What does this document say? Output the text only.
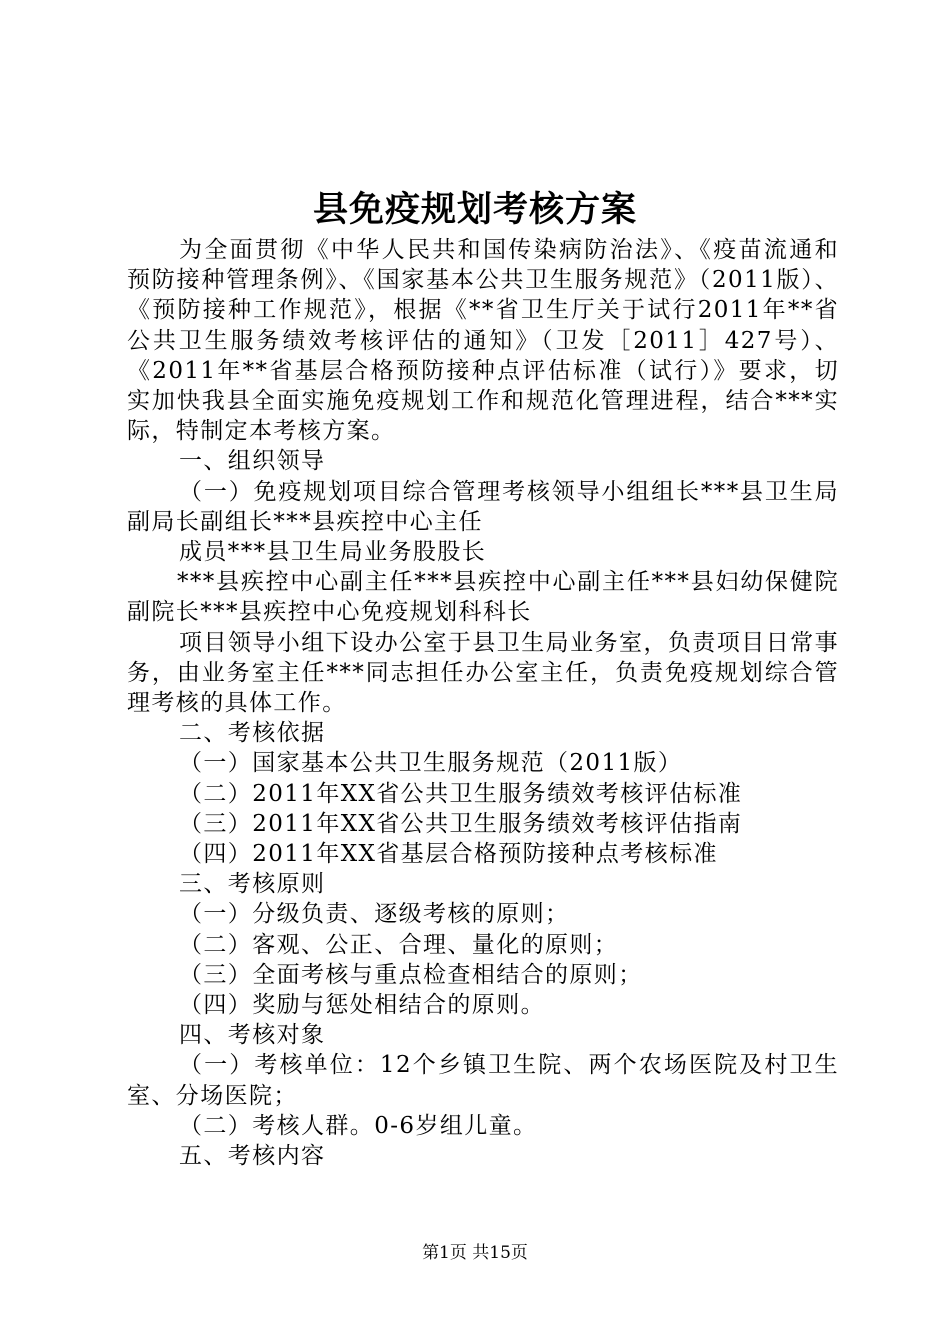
县免疫规划考核方案

为全面贯彻《中华人民共和国传染病防治法》、《疫苗流通和预防接种管理条例》、《国家基本公共卫生服务规范》（2011版）、《预防接种工作规范》，根据《**省卫生厅关于试行2011年**省公共卫生服务绩效考核评估的通知》（卫发［2011］427号）、《2011年**省基层合格预防接种点评估标准（试行）》要求，切实加快我县全面实施免疫规划工作和规范化管理进程，结合***实际，特制定本考核方案。

一、组织领导

（一）免疫规划项目综合管理考核领导小组组长***县卫生局副局长副组长***县疾控中心主任

成员***县卫生局业务股股长

***县疾控中心副主任***县疾控中心副主任***县妇幼保健院副院长***县疾控中心免疫规划科科长

项目领导小组下设办公室于县卫生局业务室，负责项目日常事务，由业务室主任***同志担任办公室主任，负责免疫规划综合管理考核的具体工作。

二、考核依据

（一）国家基本公共卫生服务规范（2011版）

（二）2011年XX省公共卫生服务绩效考核评估标准

（三）2011年XX省公共卫生服务绩效考核评估指南

（四）2011年XX省基层合格预防接种点考核标准

三、考核原则

（一）分级负责、逐级考核的原则；

（二）客观、公正、合理、量化的原则；

（三）全面考核与重点检查相结合的原则；

（四）奖励与惩处相结合的原则。

四、考核对象

（一）考核单位：12个乡镇卫生院、两个农场医院及村卫生室、分场医院；

（二）考核人群。0-6岁组儿童。

五、考核内容

第1页 共15页
